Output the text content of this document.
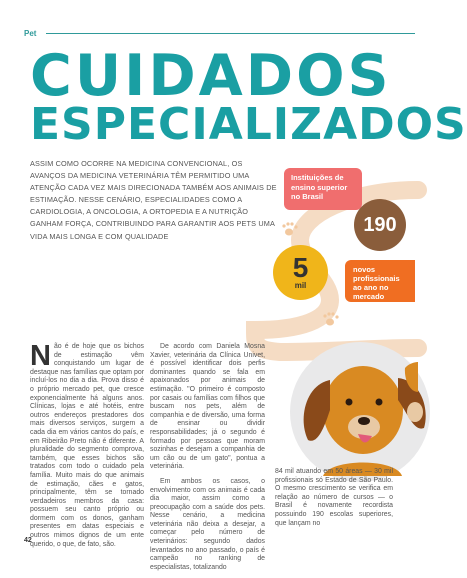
Pet
CUIDADOS
ESPECIALIZADOS
ASSIM COMO OCORRE NA MEDICINA CONVENCIONAL, OS AVANÇOS DA MEDICINA VETERINÁRIA TÊM PERMITIDO UMA ATENÇÃO CADA VEZ MAIS DIRECIONADA TAMBÉM AOS ANIMAIS DE ESTIMAÇÃO. NESSE CENÁRIO, ESPECIALIDADES COMO A CARDIOLOGIA, A ONCOLOGIA, A ORTOPEDIA E A NUTRIÇÃO GANHAM FORÇA, CONTRIBUINDO PARA GARANTIR AOS PETS UMA VIDA MAIS LONGA E COM QUALIDADE
Instituições de ensino superior no Brasil
190
5
mil
novos profissionais ao ano no mercado
Não é de hoje que os bichos de estimação vêm conquistando um lugar de destaque nas famílias que optam por incluí-los no dia a dia. Prova disso é o próprio mercado pet, que cresce exponencialmente há alguns anos. Clínicas, lojas e até hotéis, entre outros endereços prestadores dos mais diversos serviços, surgem a cada dia em vários cantos do país, e em Ribeirão Preto não é diferente. A pluralidade do segmento comprova, também, que esses bichos são tratados com todo o cuidado pela família. Muito mais do que animais de estimação, cães e gatos, principalmente, têm se tornado verdadeiros membros da casa: possuem seu canto próprio ou dormem com os donos, ganham presentes em datas especiais e outros mimos dignos de um ente querido, o que, de fato, são.

De acordo com Daniela Mosna Xavier, veterinária da Clínica Univet, é possível identificar dois perfis dominantes quando se fala em apaixonados por animais de estimação. "O primeiro é composto por casais ou famílias com filhos que buscam nos pets, além de companhia e de diversão, uma forma de ensinar ou dividir responsabilidades; já o segundo é formado por pessoas que moram sozinhas e desejam a companhia de um cão ou de um gato", pontua a veterinária.

Em ambos os casos, o envolvimento com os animais é cada dia maior, assim como a preocupação com a saúde dos pets. Nesse cenário, a medicina veterinária não deixa a desejar, a começar pelo número de veterinários: segundo dados levantados no ano passado, o país é campeão no ranking de especialistas, totalizando

84 mil atuando em 50 áreas — 30 mil profissionais só Estado de São Paulo. O mesmo crescimento se verifica em relação ao número de cursos — o Brasil é novamente recordista possuindo 190 escolas superiores, que lançam no

42
